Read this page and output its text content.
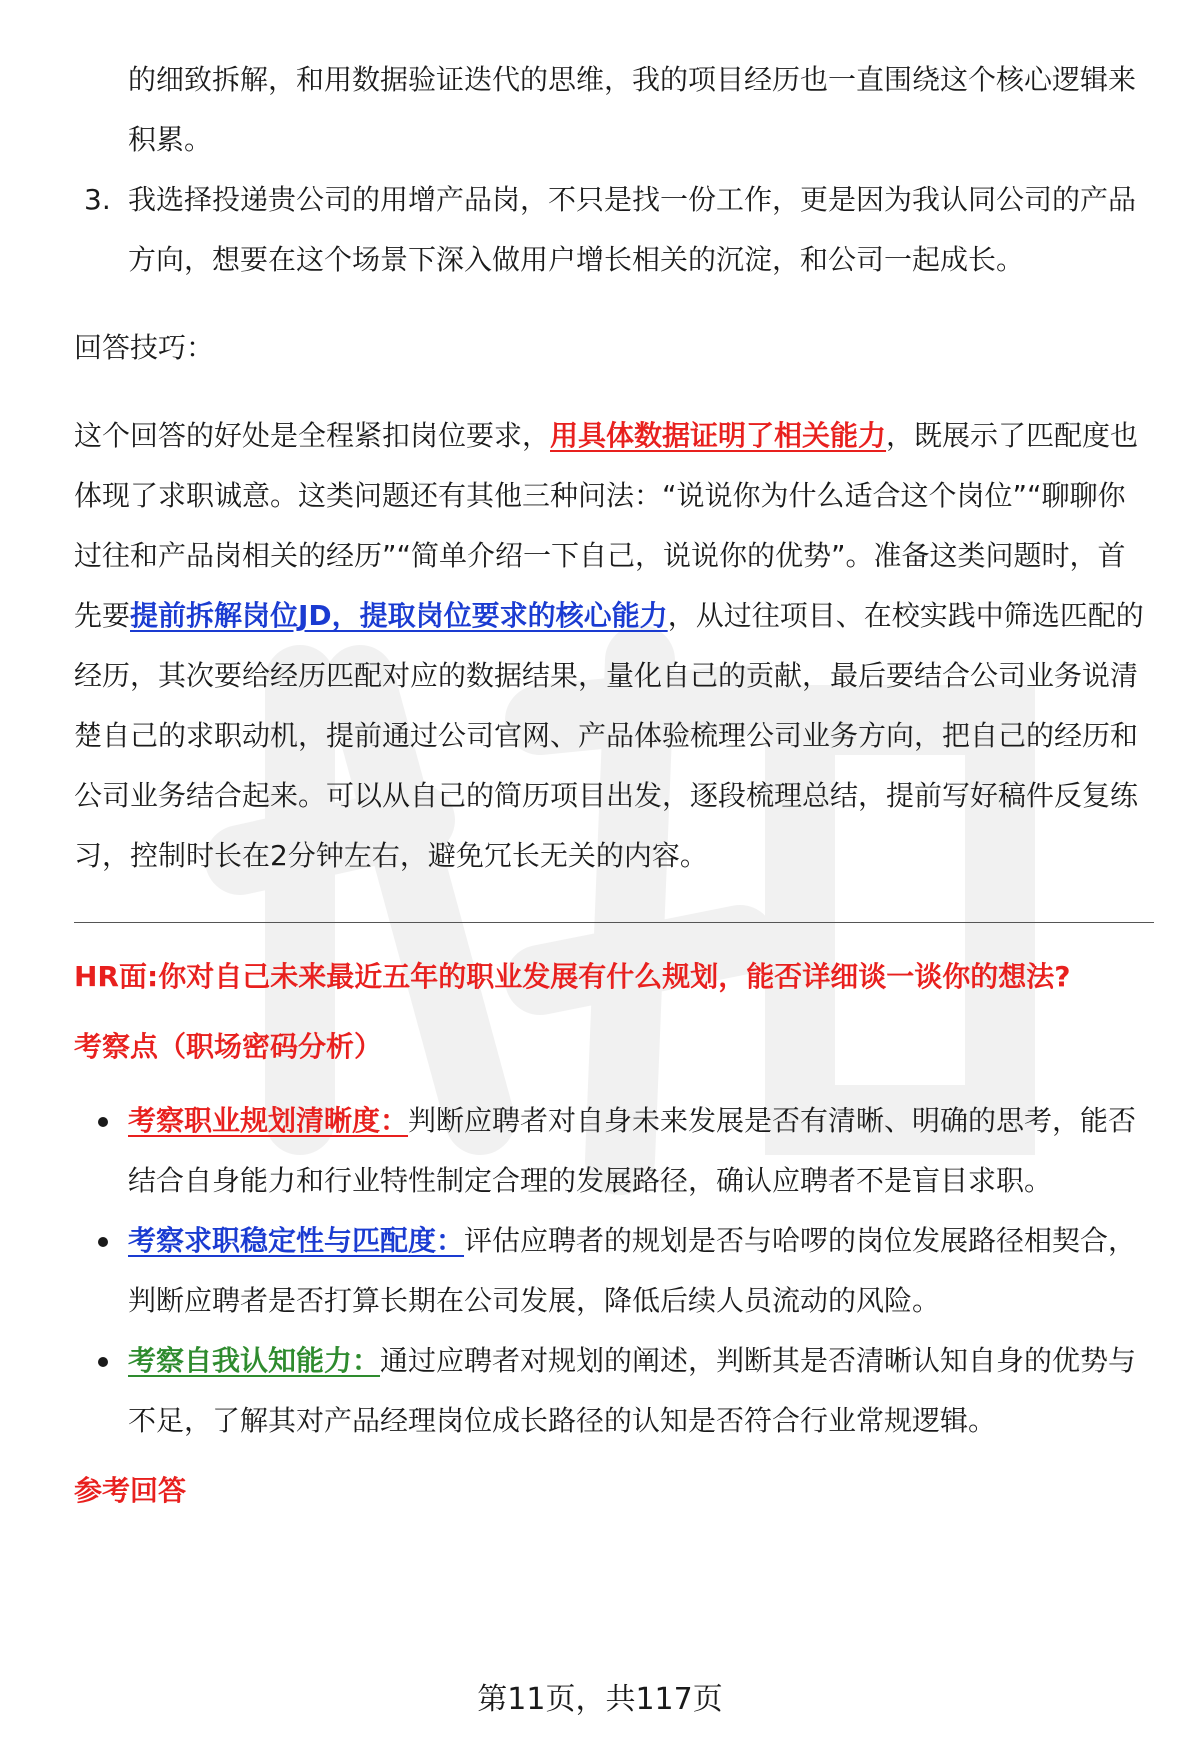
的细致拆解，和用数据验证迭代的思维，我的项目经历也一直围绕这个核心逻辑来积累。

3. 我选择投递贵公司的用增产品岗，不只是找一份工作，更是因为我认同公司的产品方向，想要在这个场景下深入做用户增长相关的沉淀，和公司一起成长。

回答技巧：

这个回答的好处是全程紧扣岗位要求，用具体数据证明了相关能力，既展示了匹配度也体现了求职诚意。这类问题还有其他三种问法：“说说你为什么适合这个岗位”“聊聊你过往和产品岗相关的经历”“简单介绍一下自己，说说你的优势”。准备这类问题时，首先要提前拆解岗位JD，提取岗位要求的核心能力，从过往项目、在校实践中筛选匹配的经历，其次要给经历匹配对应的数据结果，量化自己的贡献，最后要结合公司业务说清楚自己的求职动机，提前通过公司官网、产品体验梳理公司业务方向，把自己的经历和公司业务结合起来。可以从自己的简历项目出发，逐段梳理总结，提前写好稿件反复练习，控制时长在2分钟左右，避免冗长无关的内容。

HR面:你对自己未来最近五年的职业发展有什么规划，能否详细谈一谈你的想法?

考察点（职场密码分析）

考察职业规划清晰度：判断应聘者对自身未来发展是否有清晰、明确的思考，能否结合自身能力和行业特性制定合理的发展路径，确认应聘者不是盲目求职。
考察求职稳定性与匹配度：评估应聘者的规划是否与哈啰的岗位发展路径相契合，判断应聘者是否打算长期在公司发展，降低后续人员流动的风险。
考察自我认知能力：通过应聘者对规划的阐述，判断其是否清晰认知自身的优势与不足，了解其对产品经理岗位成长路径的认知是否符合行业常规逻辑。

参考回答

第11页，共117页
